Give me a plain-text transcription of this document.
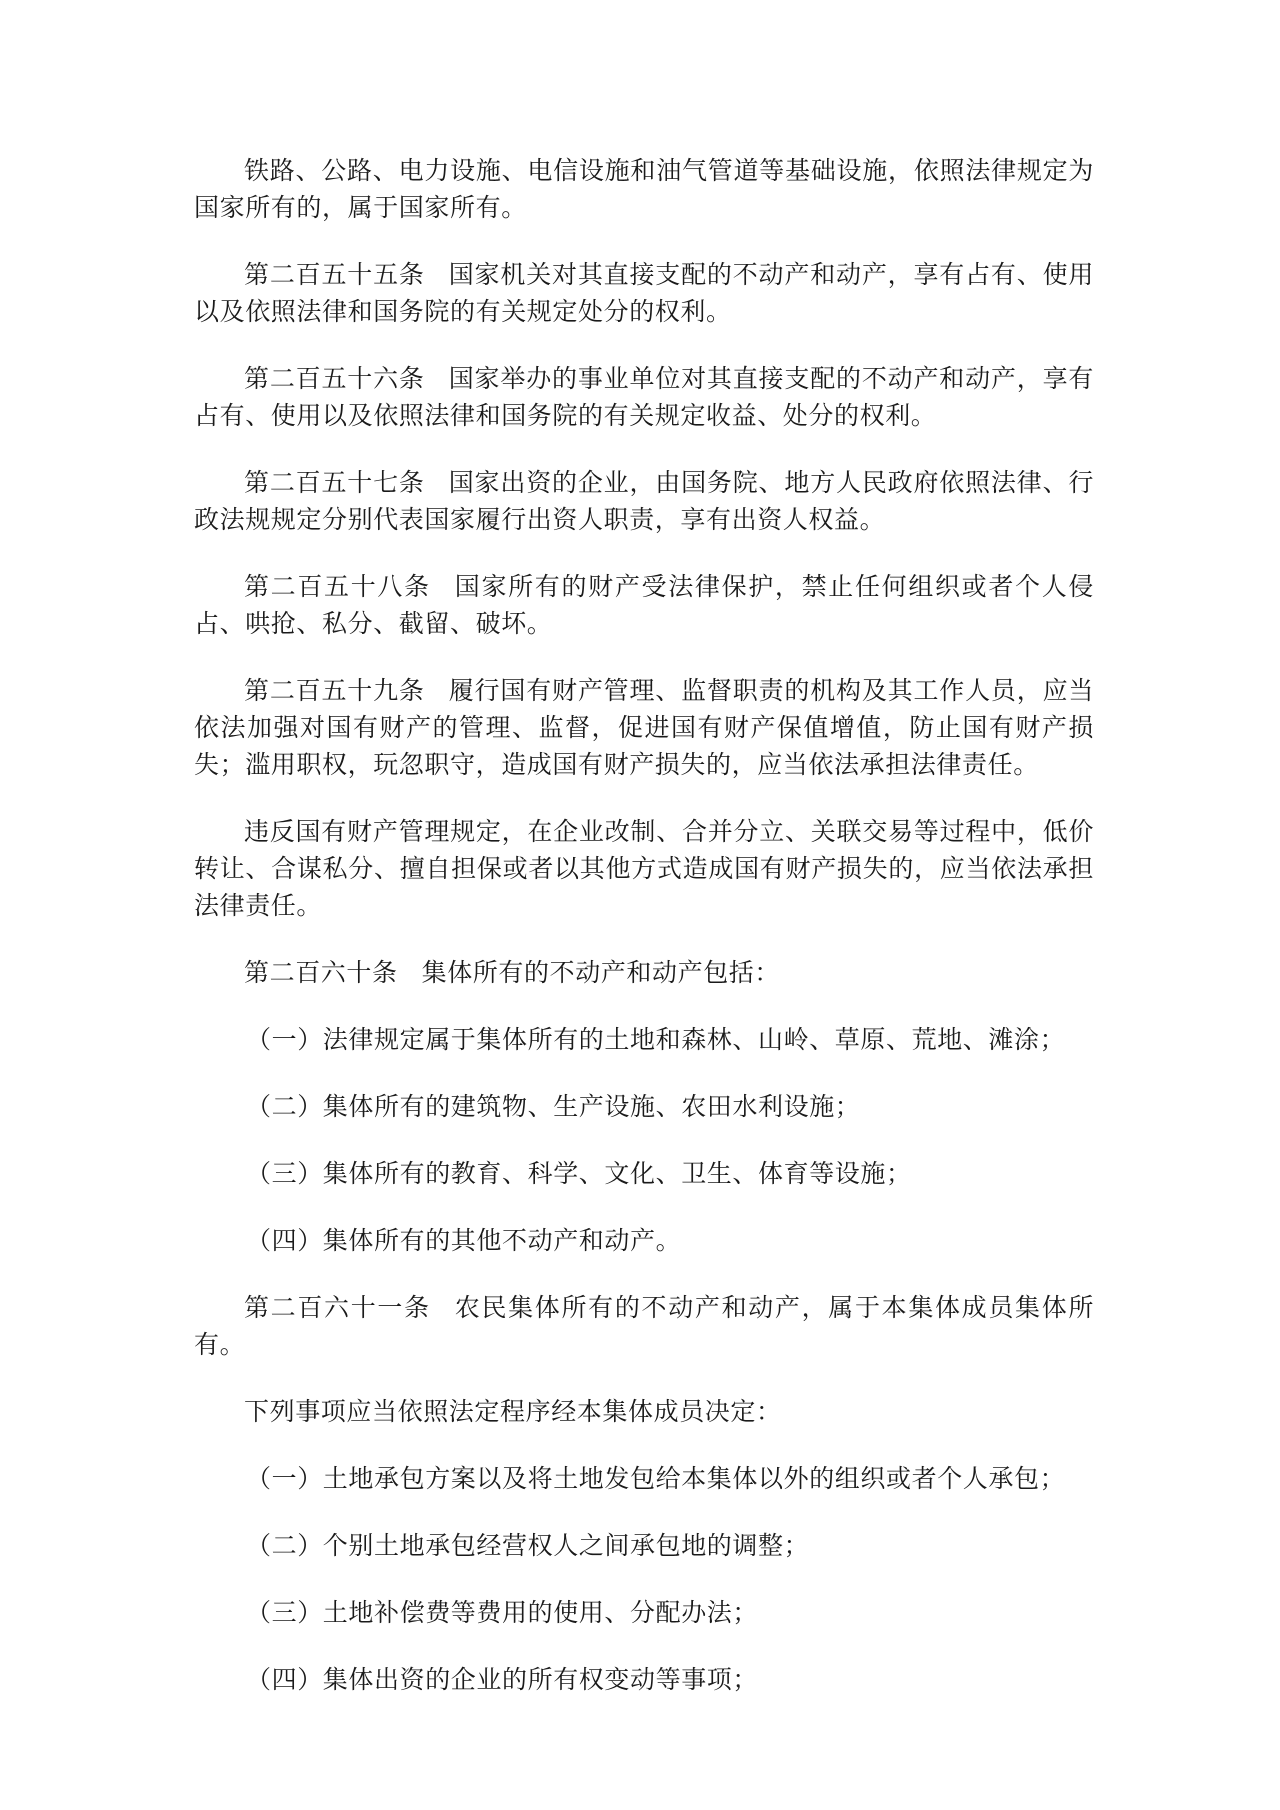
铁路、公路、电力设施、电信设施和油气管道等基础设施，依照法律规定为国家所有的，属于国家所有。

第二百五十五条 国家机关对其直接支配的不动产和动产，享有占有、使用以及依照法律和国务院的有关规定处分的权利。

第二百五十六条 国家举办的事业单位对其直接支配的不动产和动产，享有占有、使用以及依照法律和国务院的有关规定收益、处分的权利。

第二百五十七条 国家出资的企业，由国务院、地方人民政府依照法律、行政法规规定分别代表国家履行出资人职责，享有出资人权益。

第二百五十八条 国家所有的财产受法律保护，禁止任何组织或者个人侵占、哄抢、私分、截留、破坏。

第二百五十九条 履行国有财产管理、监督职责的机构及其工作人员，应当依法加强对国有财产的管理、监督，促进国有财产保值增值，防止国有财产损失；滥用职权，玩忽职守，造成国有财产损失的，应当依法承担法律责任。

违反国有财产管理规定，在企业改制、合并分立、关联交易等过程中，低价转让、合谋私分、擅自担保或者以其他方式造成国有财产损失的，应当依法承担法律责任。

第二百六十条 集体所有的不动产和动产包括：

（一）法律规定属于集体所有的土地和森林、山岭、草原、荒地、滩涂；

（二）集体所有的建筑物、生产设施、农田水利设施；

（三）集体所有的教育、科学、文化、卫生、体育等设施；

（四）集体所有的其他不动产和动产。

第二百六十一条 农民集体所有的不动产和动产，属于本集体成员集体所有。

下列事项应当依照法定程序经本集体成员决定：

（一）土地承包方案以及将土地发包给本集体以外的组织或者个人承包；

（二）个别土地承包经营权人之间承包地的调整；

（三）土地补偿费等费用的使用、分配办法；

（四）集体出资的企业的所有权变动等事项；
